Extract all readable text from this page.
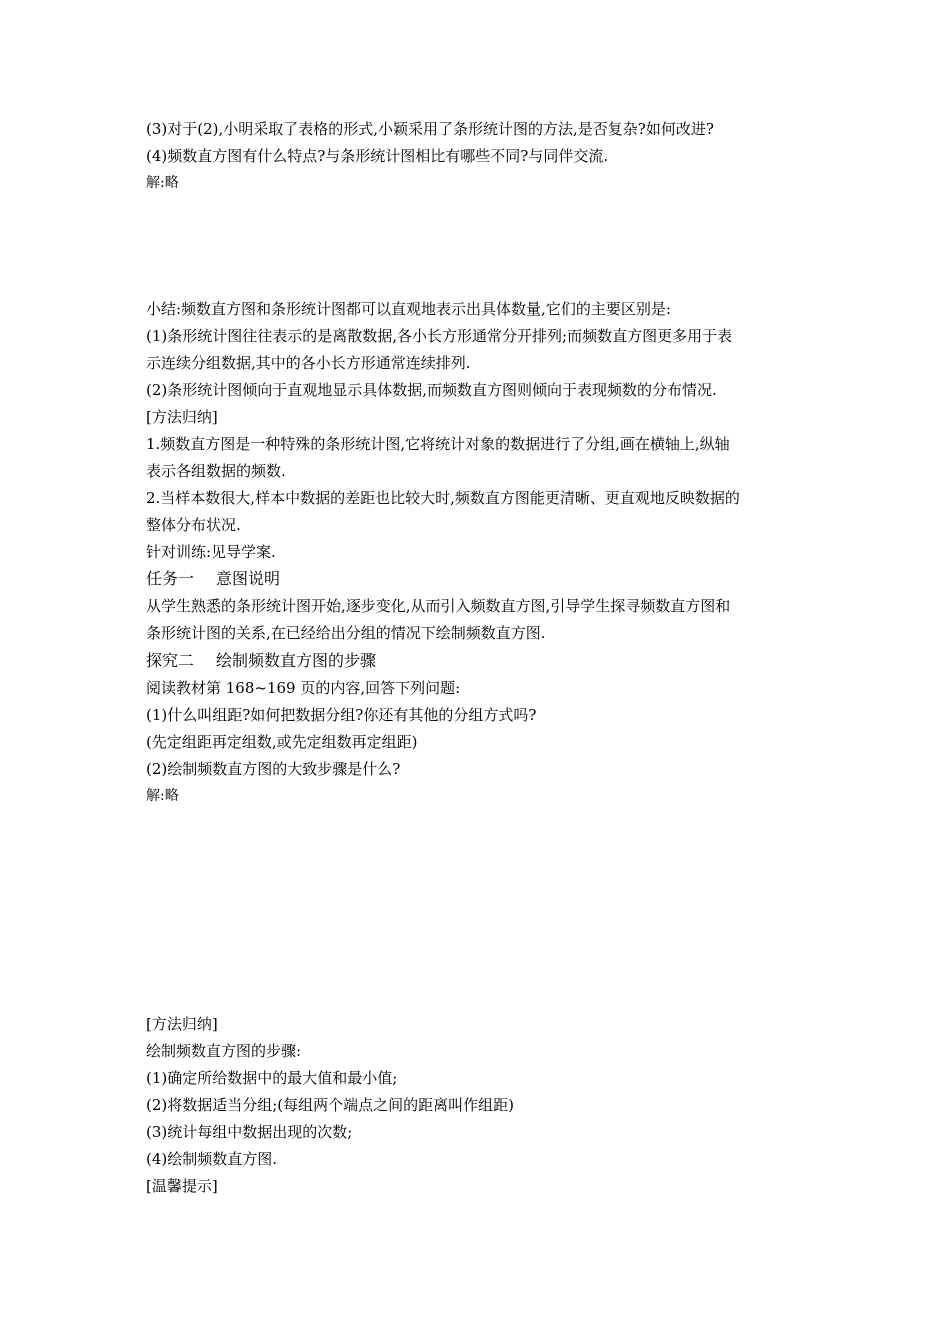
(3)对于(2),小明采取了表格的形式,小颖采用了条形统计图的方法,是否复杂?如何改进?
(4)频数直方图有什么特点?与条形统计图相比有哪些不同?与同伴交流.
解:略
小结:频数直方图和条形统计图都可以直观地表示出具体数量,它们的主要区别是:
(1)条形统计图往往表示的是离散数据,各小长方形通常分开排列;而频数直方图更多用于表
示连续分组数据,其中的各小长方形通常连续排列.
(2)条形统计图倾向于直观地显示具体数据,而频数直方图则倾向于表现频数的分布情况.
[方法归纳]
1.频数直方图是一种特殊的条形统计图,它将统计对象的数据进行了分组,画在横轴上,纵轴
表示各组数据的频数.
2.当样本数很大,样本中数据的差距也比较大时,频数直方图能更清晰、更直观地反映数据的
整体分布状况.
针对训练:见导学案.
任务一 意图说明
从学生熟悉的条形统计图开始,逐步变化,从而引入频数直方图,引导学生探寻频数直方图和
条形统计图的关系,在已经给出分组的情况下绘制频数直方图.
探究二 绘制频数直方图的步骤
阅读教材第 168~169 页的内容,回答下列问题:
(1)什么叫组距?如何把数据分组?你还有其他的分组方式吗?
(先定组距再定组数,或先定组数再定组距)
(2)绘制频数直方图的大致步骤是什么?
解:略
[方法归纳]
绘制频数直方图的步骤:
(1)确定所给数据中的最大值和最小值;
(2)将数据适当分组;(每组两个端点之间的距离叫作组距)
(3)统计每组中数据出现的次数;
(4)绘制频数直方图.
[温馨提示]
